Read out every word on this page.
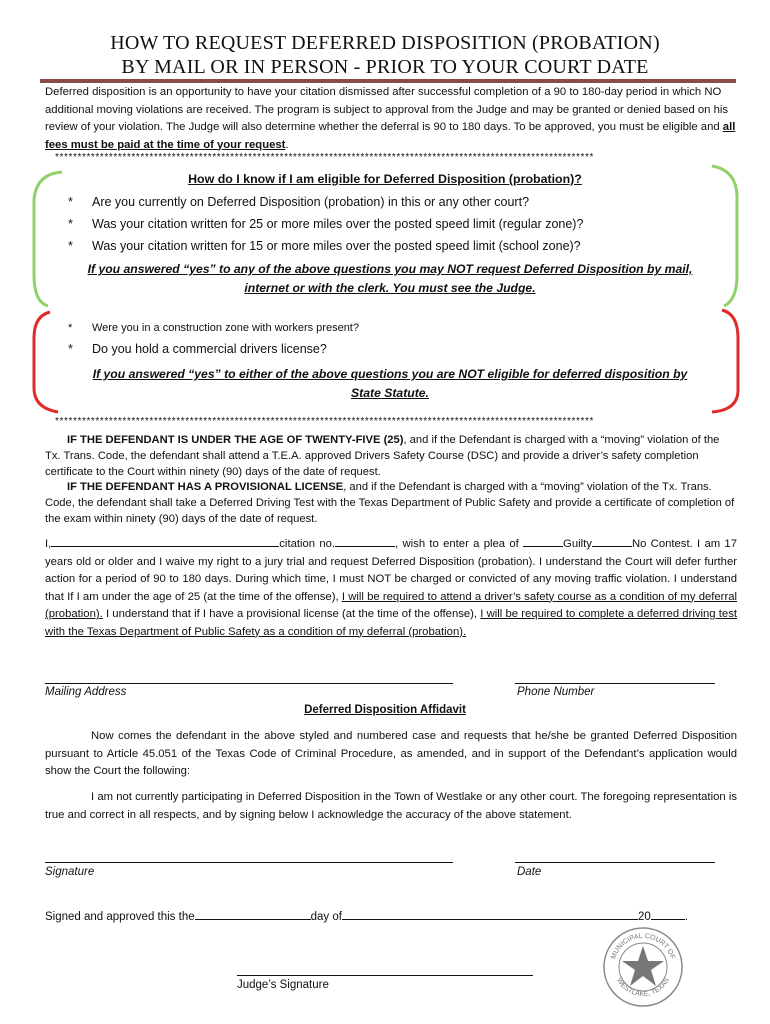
HOW TO REQUEST DEFERRED DISPOSITION (PROBATION)
BY MAIL OR IN PERSON - PRIOR TO YOUR COURT DATE
Deferred disposition is an opportunity to have your citation dismissed after successful completion of a 90 to 180-day period in which NO additional moving violations are received. The program is subject to approval from the Judge and may be granted or denied based on his review of your violation. The Judge will also determine whether the deferral is 90 to 180 days. To be approved, you must be eligible and all fees must be paid at the time of your request.
************************************************************************************************************************
How do I know if I am eligible for Deferred Disposition (probation)?
* Are you currently on Deferred Disposition (probation) in this or any other court?
* Was your citation written for 25 or more miles over the posted speed limit (regular zone)?
* Was your citation written for 15 or more miles over the posted speed limit (school zone)?
If you answered “yes” to any of the above questions you may NOT request Deferred Disposition by mail,
internet or with the clerk. You must see the Judge.
* Were you in a construction zone with workers present?
* Do you hold a commercial drivers license?
If you answered “yes” to either of the above questions you are NOT eligible for deferred disposition by
State Statute.
************************************************************************************************************************
IF THE DEFENDANT IS UNDER THE AGE OF TWENTY-FIVE (25), and if the Defendant is charged with a “moving” violation of the Tx. Trans. Code, the defendant shall attend a T.E.A. approved Drivers Safety Course (DSC) and provide a driver’s safety completion certificate to the Court within ninety (90) days of the date of request.
IF THE DEFENDANT HAS A PROVISIONAL LICENSE, and if the Defendant is charged with a “moving” violation of the Tx. Trans. Code, the defendant shall take a Deferred Driving Test with the Texas Department of Public Safety and provide a certificate of completion of the exam within ninety (90) days of the date of request.
I,	citation no.	, wish to enter a plea of	Guilty	No Contest. I am 17 years old or older and I waive my right to a jury trial and request Deferred Disposition (probation). I understand the Court will defer further action for a period of 90 to 180 days. During which time, I must NOT be charged or convicted of any moving traffic violation. I understand that If I am under the age of 25 (at the time of the offense), I will be required to attend a driver’s safety course as a condition of my deferral (probation). I understand that if I have a provisional license (at the time of the offense), I will be required to complete a deferred driving test with the Texas Department of Public Safety as a condition of my deferral (probation).
Mailing Address	Phone Number
Deferred Disposition Affidavit
Now comes the defendant in the above styled and numbered case and requests that he/she be granted Deferred Disposition pursuant to Article 45.051 of the Texas Code of Criminal Procedure, as amended, and in support of the Defendant’s application would show the Court the following:
I am not currently participating in Deferred Disposition in the Town of Westlake or any other court. The foregoing representation is true and correct in all respects, and by signing below I acknowledge the accuracy of the above statement.
Signature	Date
Signed and approved this the	day of	20	.
Judge’s Signature
MUNICIPAL COURT OF
WESTLAKE, TEXAS
